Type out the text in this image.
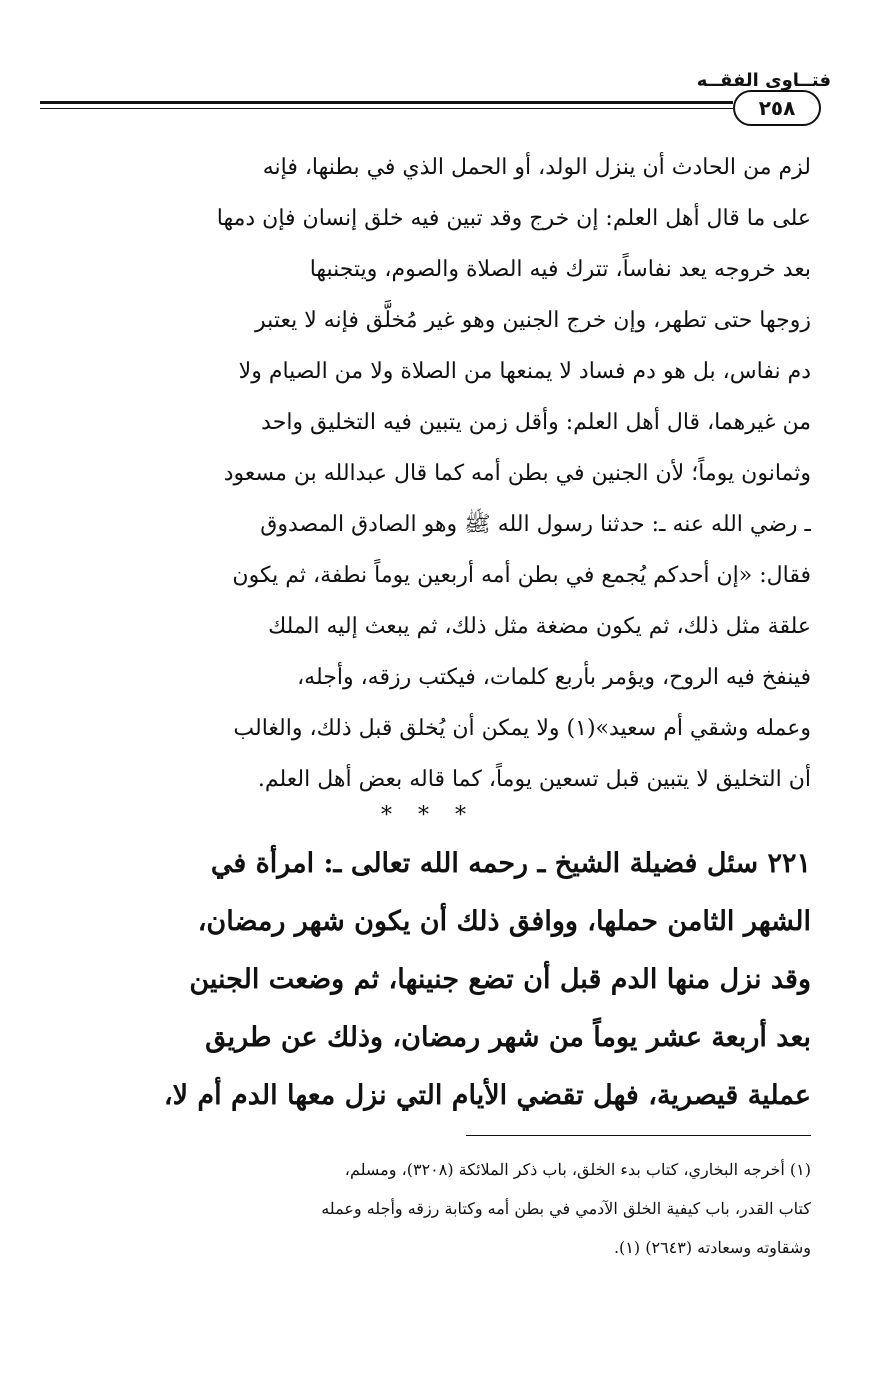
فتــاوى الفقــه
٢٥٨
لزم من الحادث أن ينزل الولد، أو الحمل الذي في بطنها، فإنه
على ما قال أهل العلم: إن خرج وقد تبين فيه خلق إنسان فإن دمها
بعد خروجه يعد نفاساً، تترك فيه الصلاة والصوم، ويتجنبها
زوجها حتى تطهر، وإن خرج الجنين وهو غير مُخلَّق فإنه لا يعتبر
دم نفاس، بل هو دم فساد لا يمنعها من الصلاة ولا من الصيام ولا
من غيرهما، قال أهل العلم: وأقل زمن يتبين فيه التخليق واحد
وثمانون يوماً؛ لأن الجنين في بطن أمه كما قال عبدالله بن مسعود
ـ رضي الله عنه ـ: حدثنا رسول الله ﷺ وهو الصادق المصدوق
فقال: «إن أحدكم يُجمع في بطن أمه أربعين يوماً نطفة، ثم يكون
علقة مثل ذلك، ثم يكون مضغة مثل ذلك، ثم يبعث إليه الملك
فينفخ فيه الروح، ويؤمر بأربع كلمات، فيكتب رزقه، وأجله،
وعمله وشقي أم سعيد»(١) ولا يمكن أن يُخلق قبل ذلك، والغالب
أن التخليق لا يتبين قبل تسعين يوماً، كما قاله بعض أهل العلم.
***
٢٢١ سئل فضيلة الشيخ ـ رحمه الله تعالى ـ: امرأة في
الشهر الثامن حملها، ووافق ذلك أن يكون شهر رمضان،
وقد نزل منها الدم قبل أن تضع جنينها، ثم وضعت الجنين
بعد أربعة عشر يوماً من شهر رمضان، وذلك عن طريق
عملية قيصرية، فهل تقضي الأيام التي نزل معها الدم أم لا،
(١) أخرجه البخاري، كتاب بدء الخلق، باب ذكر الملائكة (٣٢٠٨)، ومسلم،
كتاب القدر، باب كيفية الخلق الآدمي في بطن أمه وكتابة رزقه وأجله وعمله
وشقاوته وسعادته (٢٦٤٣) (١).
